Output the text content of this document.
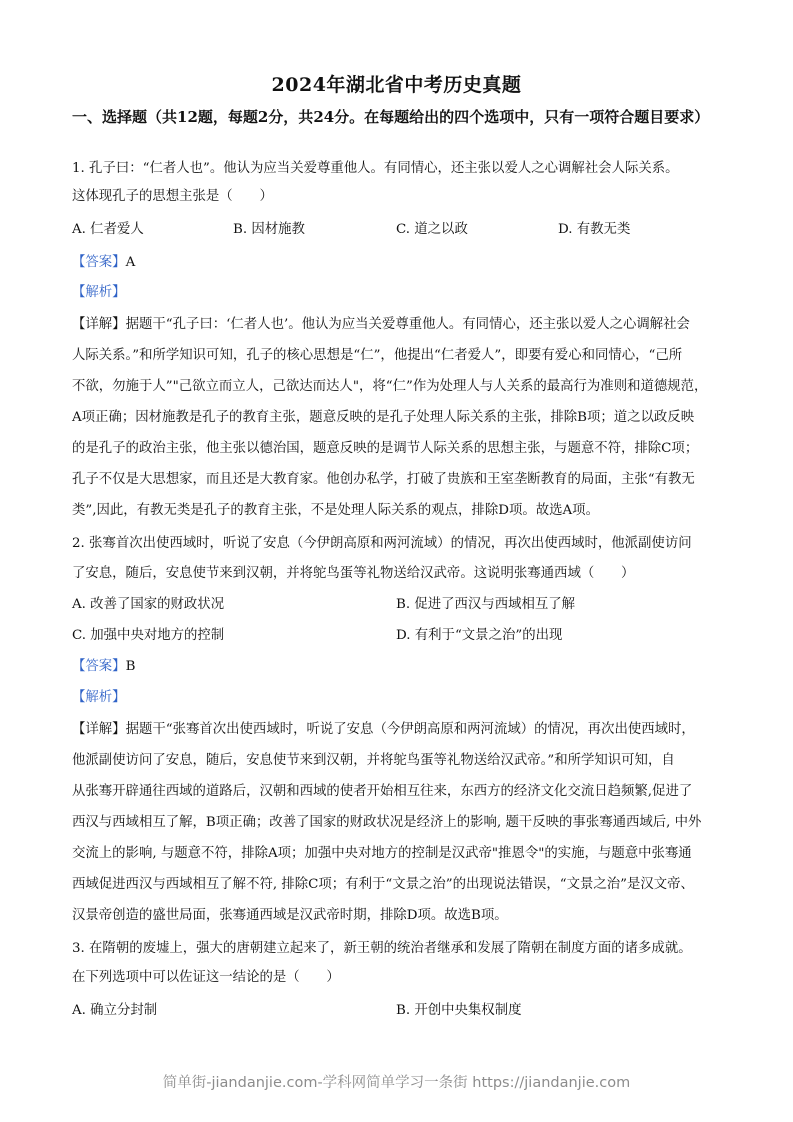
2024年湖北省中考历史真题
一、选择题（共12题，每题2分，共24分。在每题给出的四个选项中，只有一项符合题目要求）
1. 孔子曰：“仁者人也”。他认为应当关爱尊重他人。有同情心，还主张以爱人之心调解社会人际关系。
这体现孔子的思想主张是（　　）
A. 仁者爱人	B. 因材施教	C. 道之以政	D. 有教无类
【答案】A
【解析】
【详解】据题干“孔子曰：‘仁者人也’。他认为应当关爱尊重他人。有同情心，还主张以爱人之心调解社会
人际关系。”和所学知识可知，孔子的核心思想是“仁”，他提出“仁者爱人”，即要有爱心和同情心，“己所
不欲，勿施于人”"己欲立而立人，己欲达而达人"，将“仁”作为处理人与人关系的最高行为准则和道德规范，
A项正确；因材施教是孔子的教育主张，题意反映的是孔子处理人际关系的主张，排除B项；道之以政反映
的是孔子的政治主张，他主张以德治国，题意反映的是调节人际关系的思想主张，与题意不符，排除C项；
孔子不仅是大思想家，而且还是大教育家。他创办私学，打破了贵族和王室垄断教育的局面，主张“有教无
类”,因此，有教无类是孔子的教育主张，不是处理人际关系的观点，排除D项。故选A项。
2. 张骞首次出使西域时，听说了安息（今伊朗高原和两河流域）的情况，再次出使西域时，他派副使访问
了安息，随后，安息使节来到汉朝，并将鸵鸟蛋等礼物送给汉武帝。这说明张骞通西域（　　）
A. 改善了国家的财政状况	B. 促进了西汉与西域相互了解
C. 加强中央对地方的控制	D. 有利于“文景之治”的出现
【答案】B
【解析】
【详解】据题干“张骞首次出使西域时，听说了安息（今伊朗高原和两河流域）的情况，再次出使西域时，
他派副使访问了安息，随后，安息使节来到汉朝，并将鸵鸟蛋等礼物送给汉武帝。”和所学知识可知，自
从张骞开辟通往西域的道路后，汉朝和西域的使者开始相互往来，东西方的经济文化交流日趋频繁,促进了
西汉与西域相互了解，B项正确；改善了国家的财政状况是经济上的影响, 题干反映的事张骞通西域后, 中外
交流上的影响, 与题意不符，排除A项；加强中央对地方的控制是汉武帝"推恩令"的实施，与题意中张骞通
西域促进西汉与西域相互了解不符, 排除C项；有利于“文景之治”的出现说法错误，“文景之治”是汉文帝、
汉景帝创造的盛世局面，张骞通西域是汉武帝时期，排除D项。故选B项。
3. 在隋朝的废墟上，强大的唐朝建立起来了，新王朝的统治者继承和发展了隋朝在制度方面的诸多成就。
在下列选项中可以佐证这一结论的是（　　）
A. 确立分封制	B. 开创中央集权制度
简单街-jiandanjie.com-学科网简单学习一条街 https://jiandanjie.com
